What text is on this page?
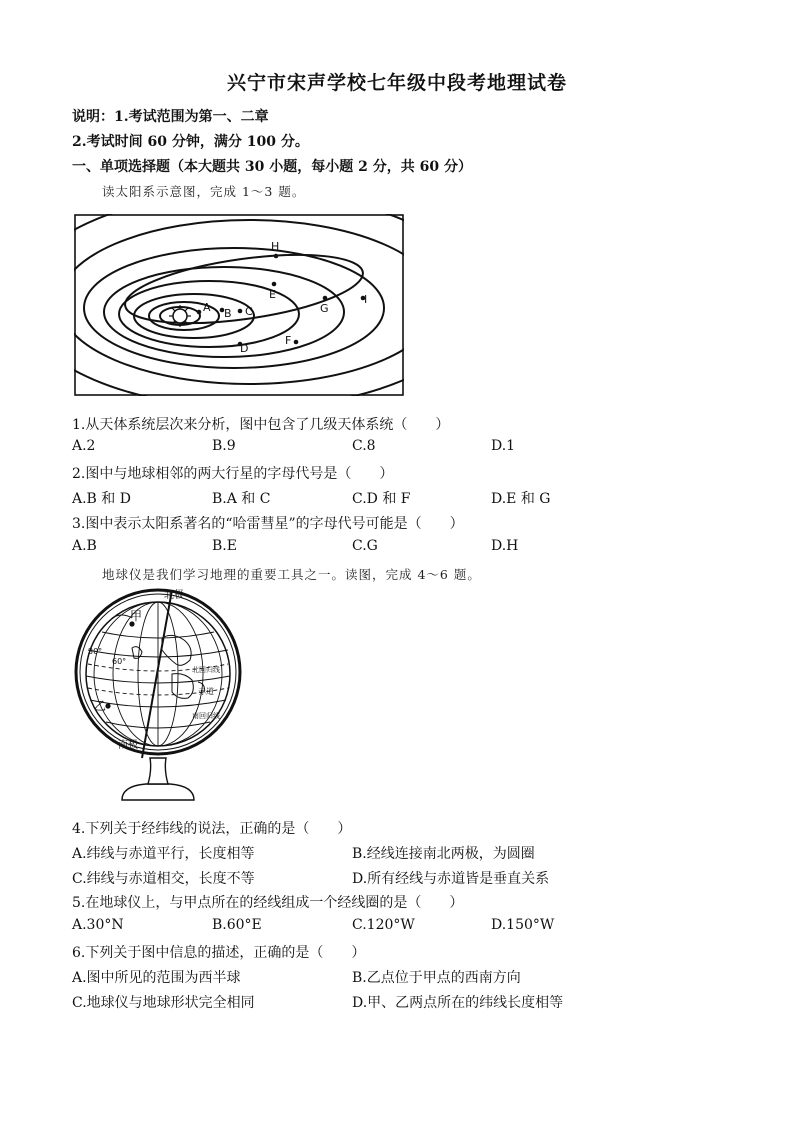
兴宁市宋声学校七年级中段考地理试卷
说明：1.考试范围为第一、二章
2.考试时间 60 分钟，满分 100 分。
一、单项选择题（本大题共 30 小题，每小题 2 分，共 60 分）
读太阳系示意图，完成 1～3 题。
A B C
D
E
F
G
H
I
1.从天体系统层次来分析，图中包含了几级天体系统（　　）
A.2	B.9	C.8	D.1
2.图中与地球相邻的两大行星的字母代号是（　　）
A.B 和 D	B.A 和 C	C.D 和 F	D.E 和 G
3.图中表示太阳系著名的“哈雷彗星”的字母代号可能是（　　）
A.B	B.E	C.G	D.H
地球仪是我们学习地理的重要工具之一。读图，完成 4～6 题。
北极
南极
甲
乙
赤道
北回归线
南回归线
30°
60°
4.下列关于经纬线的说法，正确的是（　　）
A.纬线与赤道平行，长度相等	B.经线连接南北两极，为圆圈
C.纬线与赤道相交，长度不等	D.所有经线与赤道皆是垂直关系
5.在地球仪上，与甲点所在的经线组成一个经线圈的是（　　）
A.30°N	B.60°E	C.120°W	D.150°W
6.下列关于图中信息的描述，正确的是（　　）
A.图中所见的范围为西半球	B.乙点位于甲点的西南方向
C.地球仪与地球形状完全相同	D.甲、乙两点所在的纬线长度相等
